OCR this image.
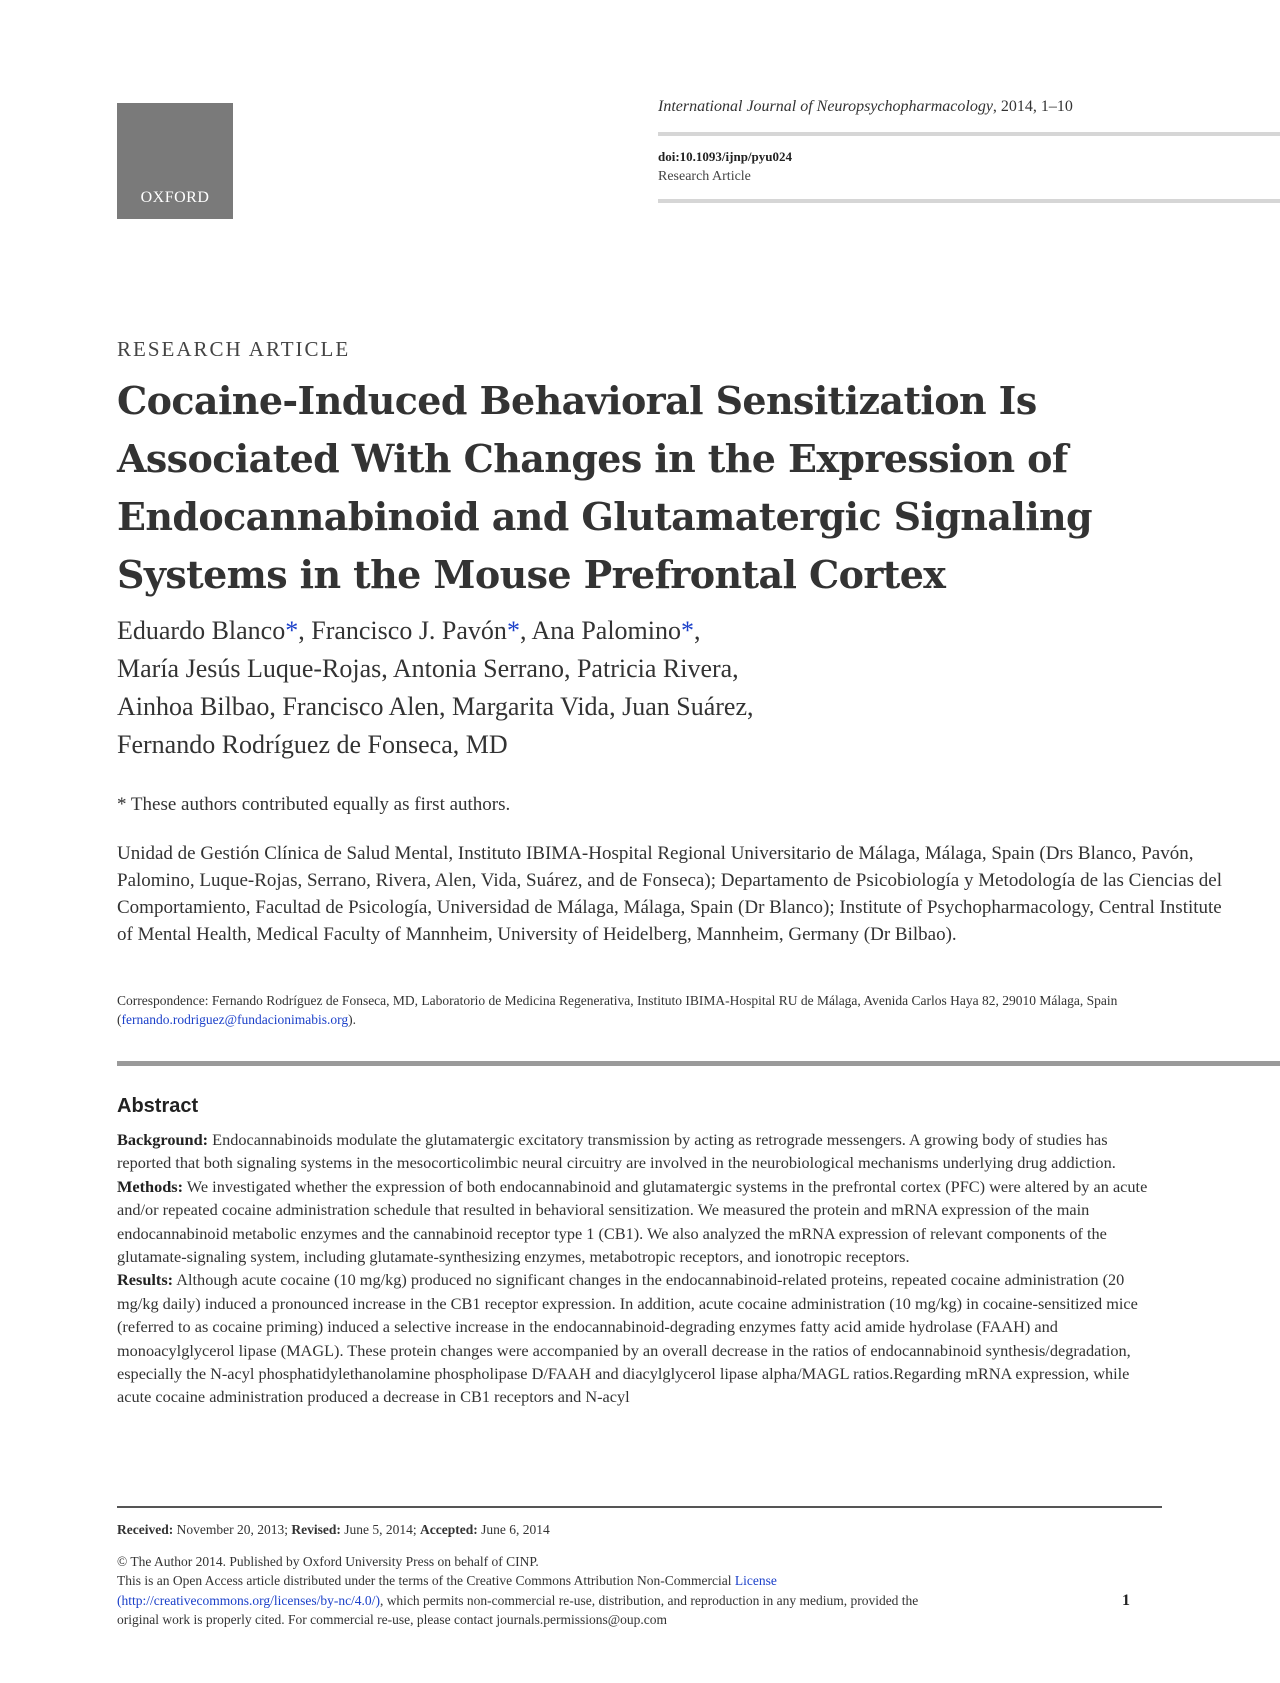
OXFORD
International Journal of Neuropsychopharmacology, 2014, 1–10
doi:10.1093/ijnp/pyu024
Research Article
RESEARCH ARTICLE
Cocaine-Induced Behavioral Sensitization Is Associated With Changes in the Expression of Endocannabinoid and Glutamatergic Signaling Systems in the Mouse Prefrontal Cortex
Eduardo Blanco*, Francisco J. Pavón*, Ana Palomino*,
María Jesús Luque-Rojas, Antonia Serrano, Patricia Rivera,
Ainhoa Bilbao, Francisco Alen, Margarita Vida, Juan Suárez,
Fernando Rodríguez de Fonseca, MD
* These authors contributed equally as first authors.
Unidad de Gestión Clínica de Salud Mental, Instituto IBIMA-Hospital Regional Universitario de Málaga, Málaga, Spain (Drs Blanco, Pavón, Palomino, Luque-Rojas, Serrano, Rivera, Alen, Vida, Suárez, and de Fonseca); Departamento de Psicobiología y Metodología de las Ciencias del Comportamiento, Facultad de Psicología, Universidad de Málaga, Málaga, Spain (Dr Blanco); Institute of Psychopharmacology, Central Institute of Mental Health, Medical Faculty of Mannheim, University of Heidelberg, Mannheim, Germany (Dr Bilbao).
Correspondence: Fernando Rodríguez de Fonseca, MD, Laboratorio de Medicina Regenerativa, Instituto IBIMA-Hospital RU de Málaga, Avenida Carlos Haya 82, 29010 Málaga, Spain (fernando.rodriguez@fundacionimabis.org).
Abstract
Background: Endocannabinoids modulate the glutamatergic excitatory transmission by acting as retrograde messengers. A growing body of studies has reported that both signaling systems in the mesocorticolimbic neural circuitry are involved in the neurobiological mechanisms underlying drug addiction.
Methods: We investigated whether the expression of both endocannabinoid and glutamatergic systems in the prefrontal cortex (PFC) were altered by an acute and/or repeated cocaine administration schedule that resulted in behavioral sensitization. We measured the protein and mRNA expression of the main endocannabinoid metabolic enzymes and the cannabinoid receptor type 1 (CB1). We also analyzed the mRNA expression of relevant components of the glutamate-signaling system, including glutamate-synthesizing enzymes, metabotropic receptors, and ionotropic receptors.
Results: Although acute cocaine (10 mg/kg) produced no significant changes in the endocannabinoid-related proteins, repeated cocaine administration (20 mg/kg daily) induced a pronounced increase in the CB1 receptor expression. In addition, acute cocaine administration (10 mg/kg) in cocaine-sensitized mice (referred to as cocaine priming) induced a selective increase in the endocannabinoid-degrading enzymes fatty acid amide hydrolase (FAAH) and monoacylglycerol lipase (MAGL). These protein changes were accompanied by an overall decrease in the ratios of endocannabinoid synthesis/degradation, especially the N-acyl phosphatidylethanolamine phospholipase D/FAAH and diacylglycerol lipase alpha/MAGL ratios.Regarding mRNA expression, while acute cocaine administration produced a decrease in CB1 receptors and N-acyl
Received: November 20, 2013; Revised: June 5, 2014; Accepted: June 6, 2014
© The Author 2014. Published by Oxford University Press on behalf of CINP.
This is an Open Access article distributed under the terms of the Creative Commons Attribution Non-Commercial License (http://creativecommons.org/licenses/by-nc/4.0/), which permits non-commercial re-use, distribution, and reproduction in any medium, provided the original work is properly cited. For commercial re-use, please contact journals.permissions@oup.com
1
